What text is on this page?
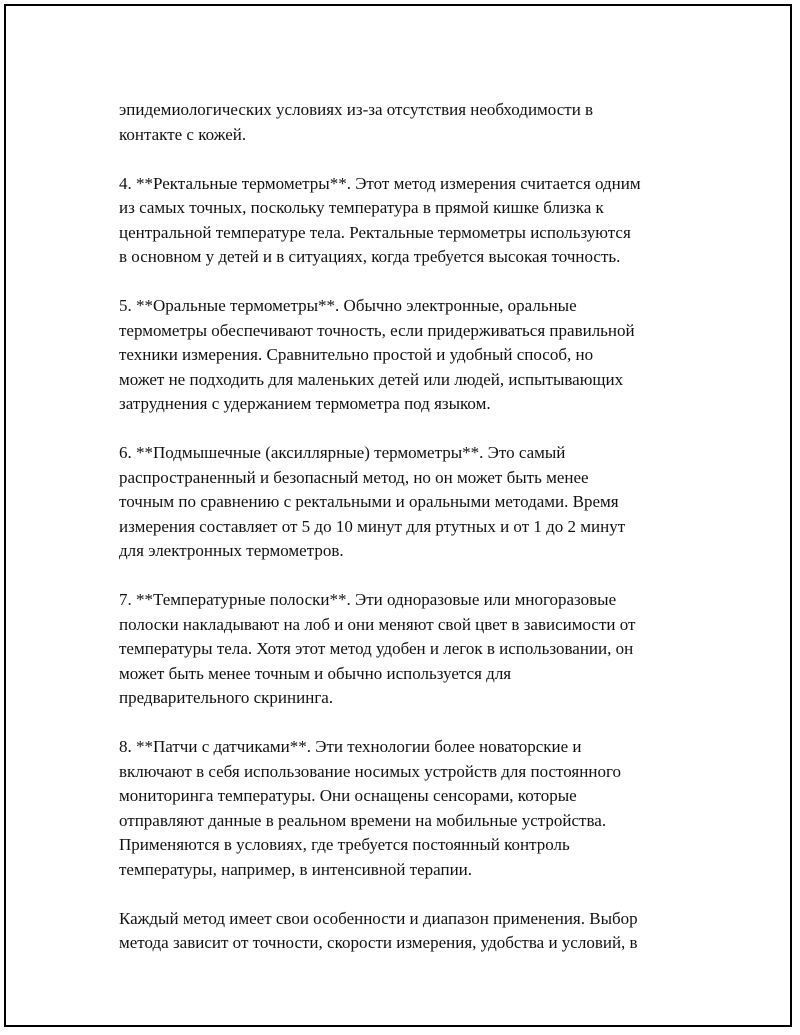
эпидемиологических условиях из-за отсутствия необходимости в
контакте с кожей.

4. **Ректальные термометры**. Этот метод измерения считается одним
из самых точных, поскольку температура в прямой кишке близка к
центральной температуре тела. Ректальные термометры используются
в основном у детей и в ситуациях, когда требуется высокая точность.

5. **Оральные термометры**. Обычно электронные, оральные
термометры обеспечивают точность, если придерживаться правильной
техники измерения. Сравнительно простой и удобный способ, но
может не подходить для маленьких детей или людей, испытывающих
затруднения с удержанием термометра под языком.

6. **Подмышечные (аксиллярные) термометры**. Это самый
распространенный и безопасный метод, но он может быть менее
точным по сравнению с ректальными и оральными методами. Время
измерения составляет от 5 до 10 минут для ртутных и от 1 до 2 минут
для электронных термометров.

7. **Температурные полоски**. Эти одноразовые или многоразовые
полоски накладывают на лоб и они меняют свой цвет в зависимости от
температуры тела. Хотя этот метод удобен и легок в использовании, он
может быть менее точным и обычно используется для
предварительного скрининга.

8. **Патчи с датчиками**. Эти технологии более новаторские и
включают в себя использование носимых устройств для постоянного
мониторинга температуры. Они оснащены сенсорами, которые
отправляют данные в реальном времени на мобильные устройства.
Применяются в условиях, где требуется постоянный контроль
температуры, например, в интенсивной терапии.

Каждый метод имеет свои особенности и диапазон применения. Выбор
метода зависит от точности, скорости измерения, удобства и условий, в
